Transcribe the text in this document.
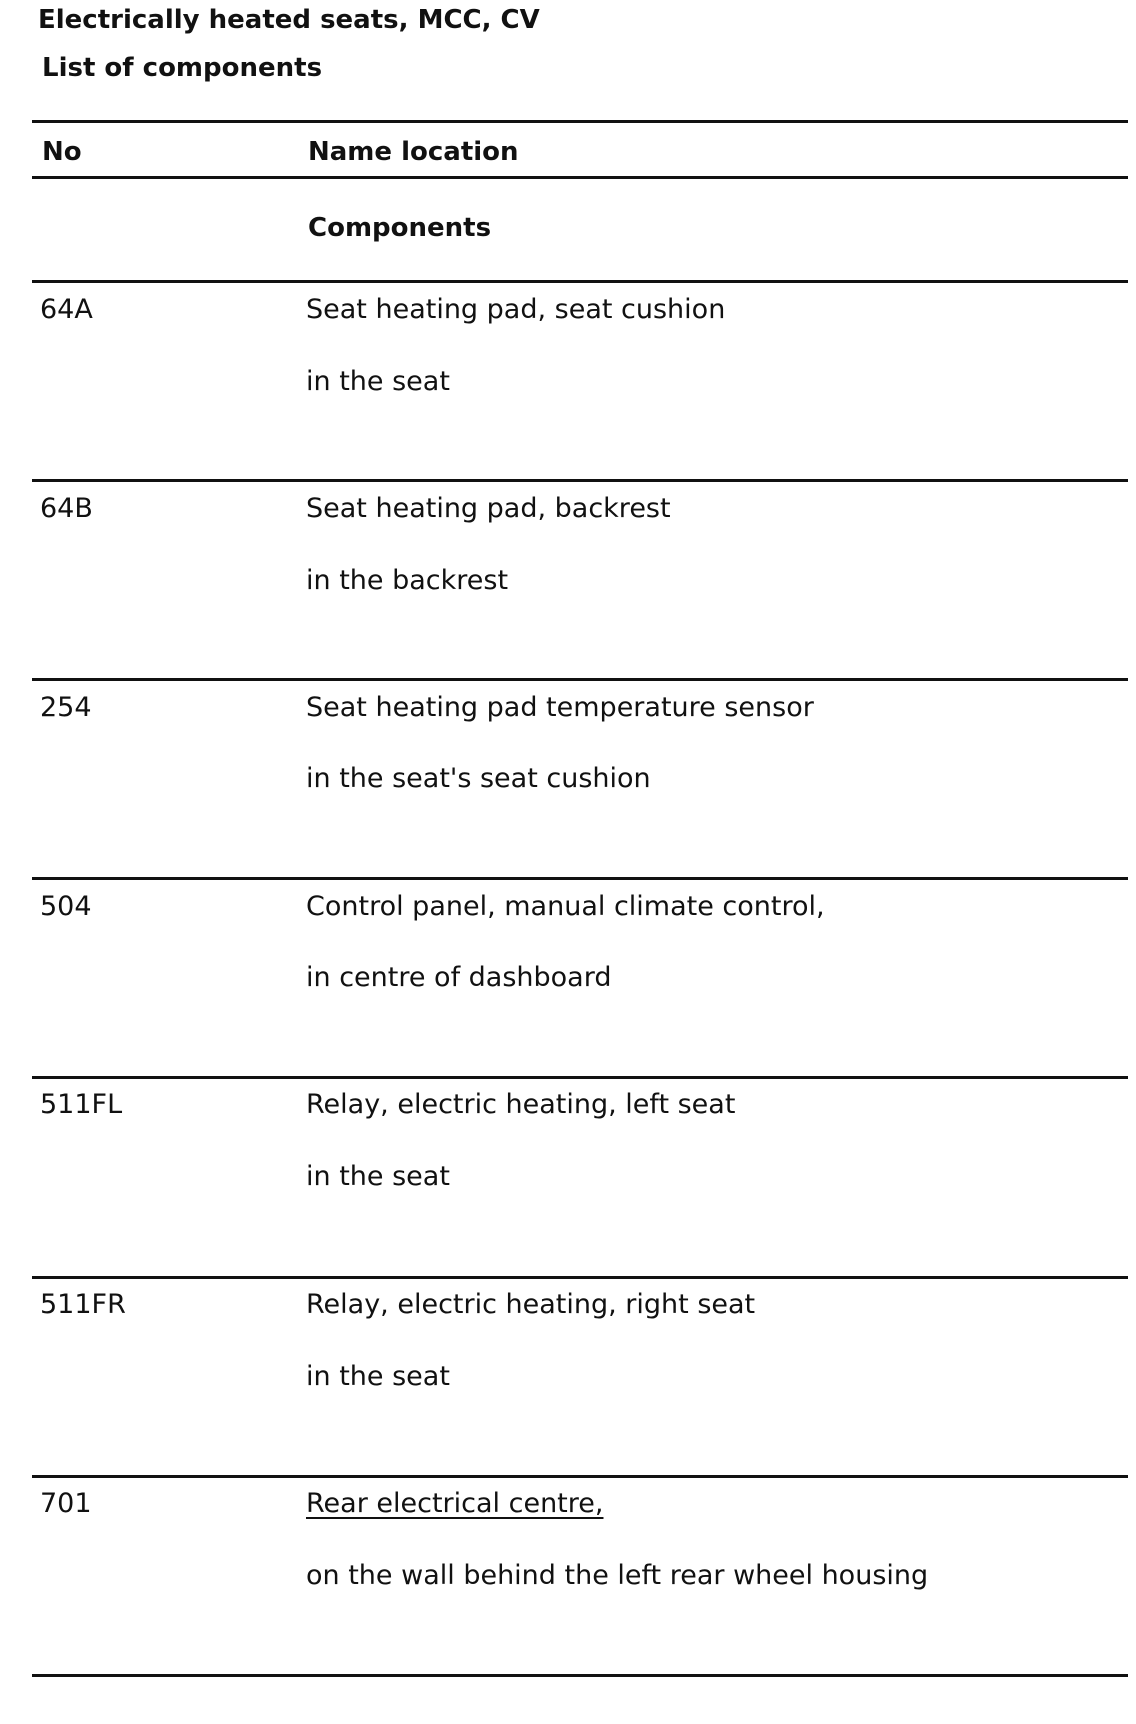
Electrically heated seats, MCC, CV
List of components
No	Name location
Components
64A	Seat heating pad, seat cushion
in the seat
64B	Seat heating pad, backrest
in the backrest
254	Seat heating pad temperature sensor
in the seat's seat cushion
504	Control panel, manual climate control,
in centre of dashboard
511FL	Relay, electric heating, left seat
in the seat
511FR	Relay, electric heating, right seat
in the seat
701	Rear electrical centre,
on the wall behind the left rear wheel housing
